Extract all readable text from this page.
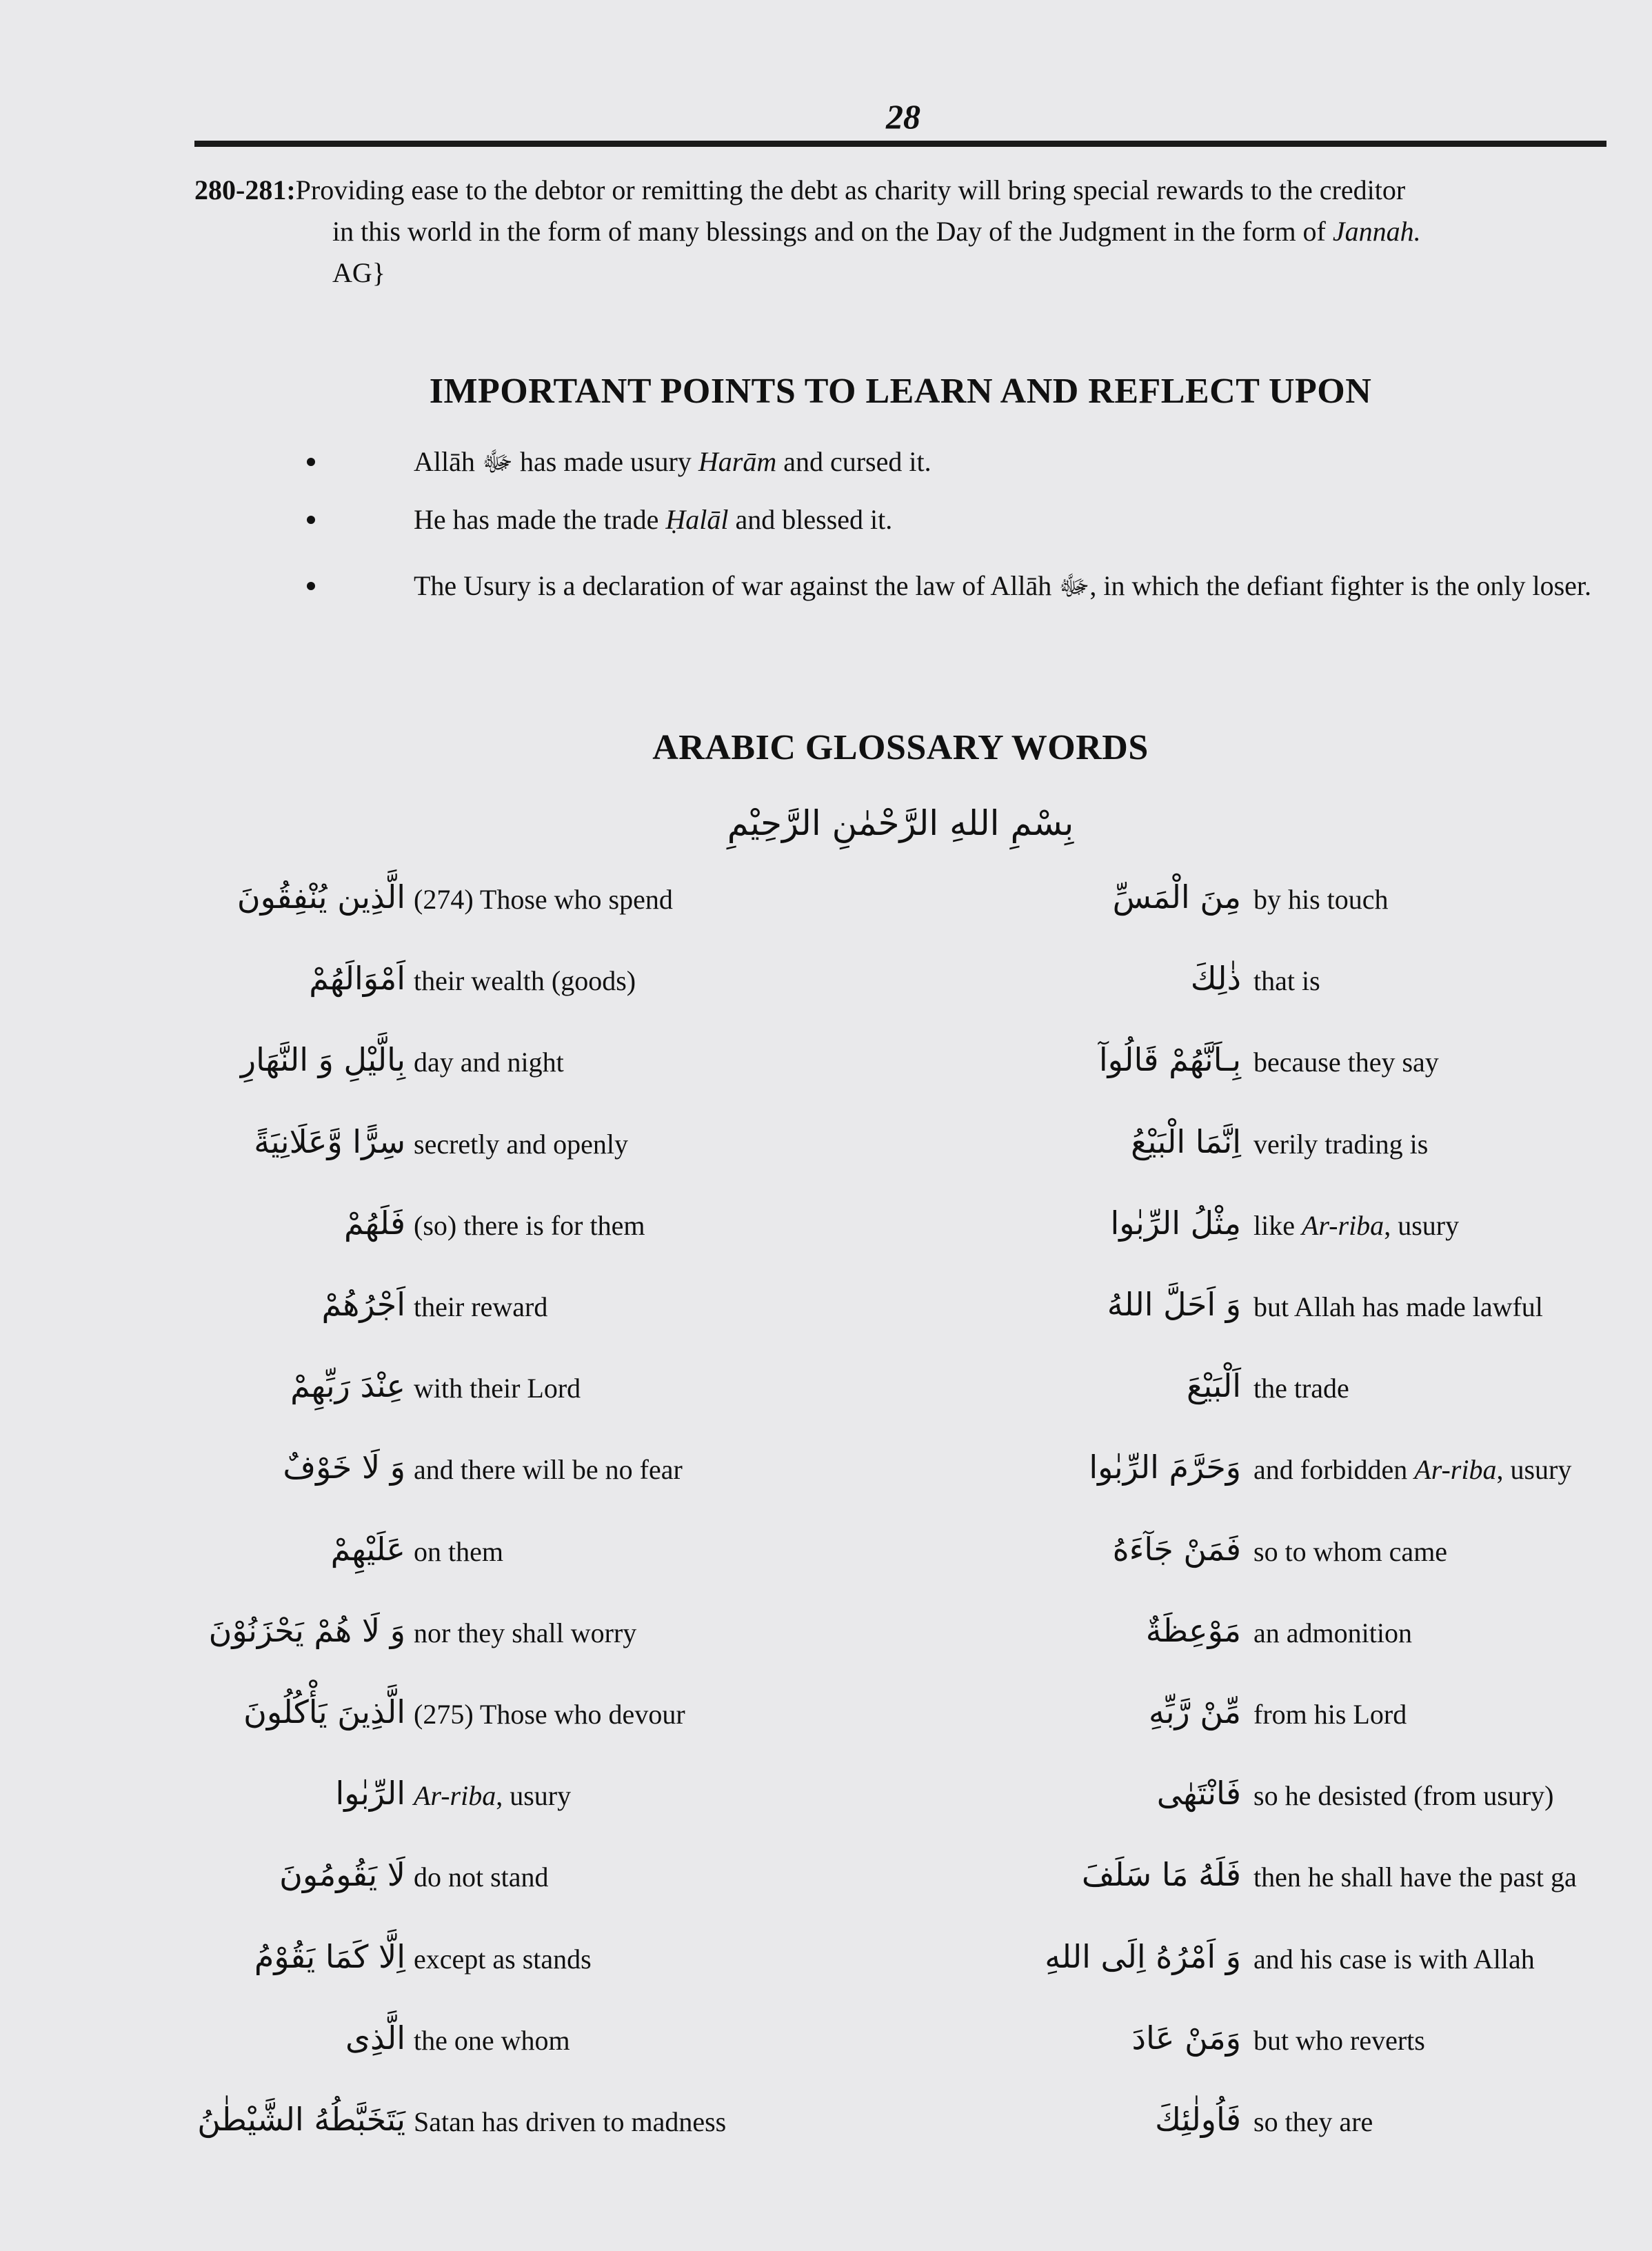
28
280-281:Providing ease to the debtor or remitting the debt as charity will bring special rewards to the creditor
in this world in the form of many blessings and on the Day of the Judgment in the form of Jannah.
AG}
IMPORTANT POINTS TO LEARN AND REFLECT UPON
Allāh ﷻ has made usury Harām and cursed it.
He has made the trade Ḥalāl and blessed it.
The Usury is a declaration of war against the law of Allāh ﷻ, in which the defiant fighter is the only loser.
ARABIC GLOSSARY WORDS
بِسْمِ اللهِ الرَّحْمٰنِ الرَّحِيْمِ
الَّذِين يُنْفِقُونَ (274) Those who spend	مِنَ الْمَسِّ by his touch
اَمْوَالَهُمْ their wealth (goods)	ذٰلِكَ that is
بِالَّيْلِ وَ النَّهَارِ day and night	بِـاَنَّهُمْ قَالُوآ because they say
سِرًّا وَّعَلَانِيَةً secretly and openly	اِنَّمَا الْبَيْعُ verily trading is
فَلَهُمْ (so) there is for them	مِثْلُ الرِّبٰوا like Ar-riba, usury
اَجْرُهُمْ their reward	وَ اَحَلَّ اللهُ but Allah has made lawful
عِنْدَ رَبِّهِمْ with their Lord	اَلْبَيْعَ the trade
وَ لَا خَوْفٌ and there will be no fear	وَحَرَّمَ الرِّبٰوا and forbidden Ar-riba, usury
عَلَيْهِمْ on them	فَمَنْ جَآءَهُ so to whom came
وَ لَا هُمْ يَحْزَنُوْنَ nor they shall worry	مَوْعِظَةٌ an admonition
الَّذِينَ يَأْكُلُونَ (275) Those who devour	مِّنْ رَّبِّهِ from his Lord
الرِّبٰوا Ar-riba, usury	فَانْتَهٰى so he desisted (from usury)
لَا يَقُومُونَ do not stand	فَلَهُ مَا سَلَفَ then he shall have the past ga
اِلَّا كَمَا يَقُوْمُ except as stands	وَ اَمْرُهُ اِلَى اللهِ and his case is with Allah
الَّذِى the one whom	وَمَنْ عَادَ but who reverts
يَتَخَبَّطُهُ الشَّيْطٰنُ Satan has driven to madness	فَاُولٰئِكَ so they are
